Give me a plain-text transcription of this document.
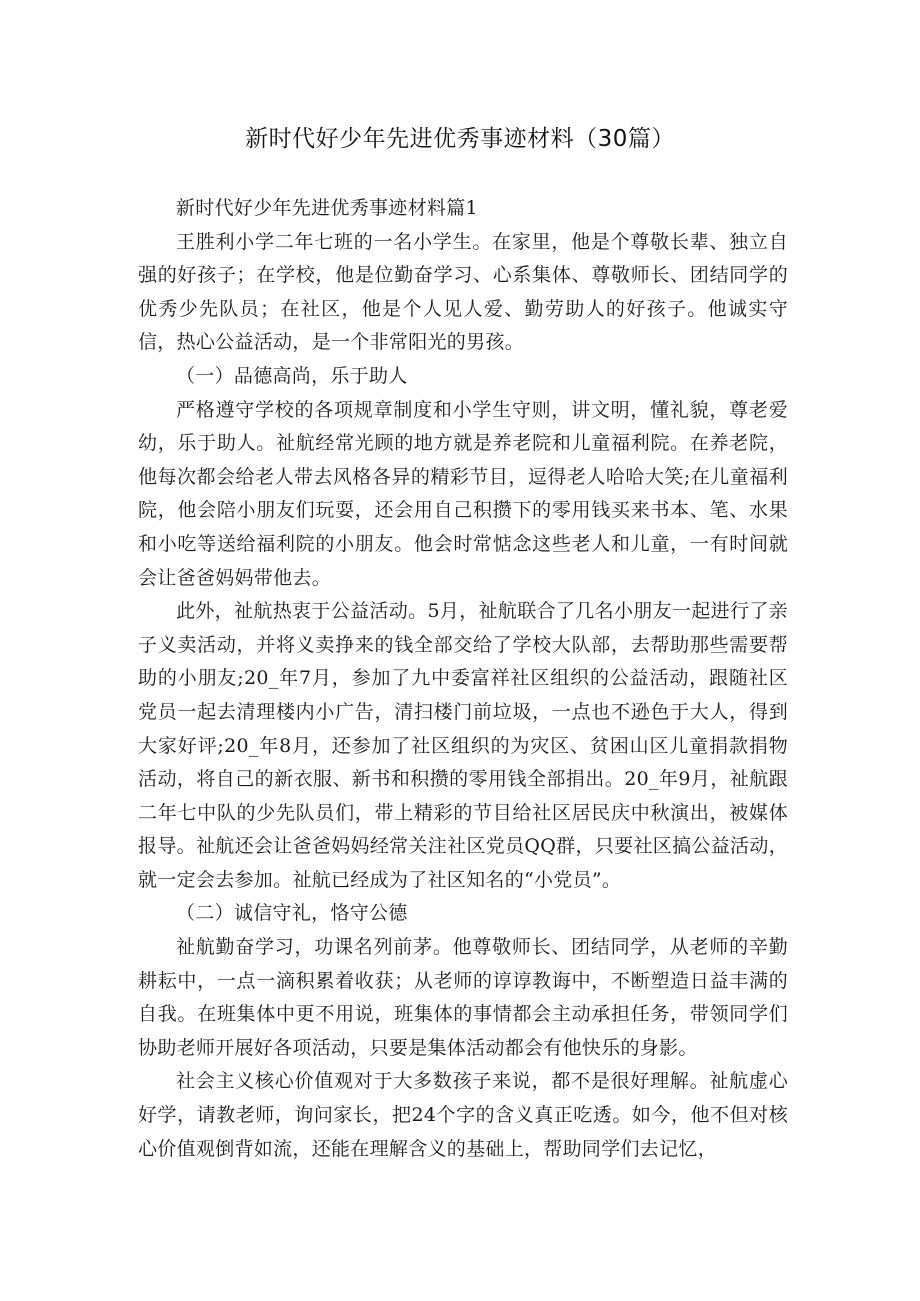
新时代好少年先进优秀事迹材料（30篇）

新时代好少年先进优秀事迹材料篇1

王胜利小学二年七班的一名小学生。在家里，他是个尊敬长辈、独立自强的好孩子；在学校，他是位勤奋学习、心系集体、尊敬师长、团结同学的优秀少先队员；在社区，他是个人见人爱、勤劳助人的好孩子。他诚实守信，热心公益活动，是一个非常阳光的男孩。

（一）品德高尚，乐于助人

严格遵守学校的各项规章制度和小学生守则，讲文明，懂礼貌，尊老爱幼，乐于助人。祉航经常光顾的地方就是养老院和儿童福利院。在养老院，他每次都会给老人带去风格各异的精彩节目，逗得老人哈哈大笑;在儿童福利院，他会陪小朋友们玩耍，还会用自己积攒下的零用钱买来书本、笔、水果和小吃等送给福利院的小朋友。他会时常惦念这些老人和儿童，一有时间就会让爸爸妈妈带他去。

此外，祉航热衷于公益活动。5月，祉航联合了几名小朋友一起进行了亲子义卖活动，并将义卖挣来的钱全部交给了学校大队部，去帮助那些需要帮助的小朋友;20_年7月，参加了九中委富祥社区组织的公益活动，跟随社区党员一起去清理楼内小广告，清扫楼门前垃圾，一点也不逊色于大人，得到大家好评;20_年8月，还参加了社区组织的为灾区、贫困山区儿童捐款捐物活动，将自己的新衣服、新书和积攒的零用钱全部捐出。20_年9月，祉航跟二年七中队的少先队员们，带上精彩的节目给社区居民庆中秋演出，被媒体报导。祉航还会让爸爸妈妈经常关注社区党员QQ群，只要社区搞公益活动，就一定会去参加。祉航已经成为了社区知名的“小党员”。

（二）诚信守礼，恪守公德

祉航勤奋学习，功课名列前茅。他尊敬师长、团结同学，从老师的辛勤耕耘中，一点一滴积累着收获；从老师的谆谆教诲中，不断塑造日益丰满的自我。在班集体中更不用说，班集体的事情都会主动承担任务，带领同学们协助老师开展好各项活动，只要是集体活动都会有他快乐的身影。

社会主义核心价值观对于大多数孩子来说，都不是很好理解。祉航虚心好学，请教老师，询问家长，把24个字的含义真正吃透。如今，他不但对核心价值观倒背如流，还能在理解含义的基础上，帮助同学们去记忆，
